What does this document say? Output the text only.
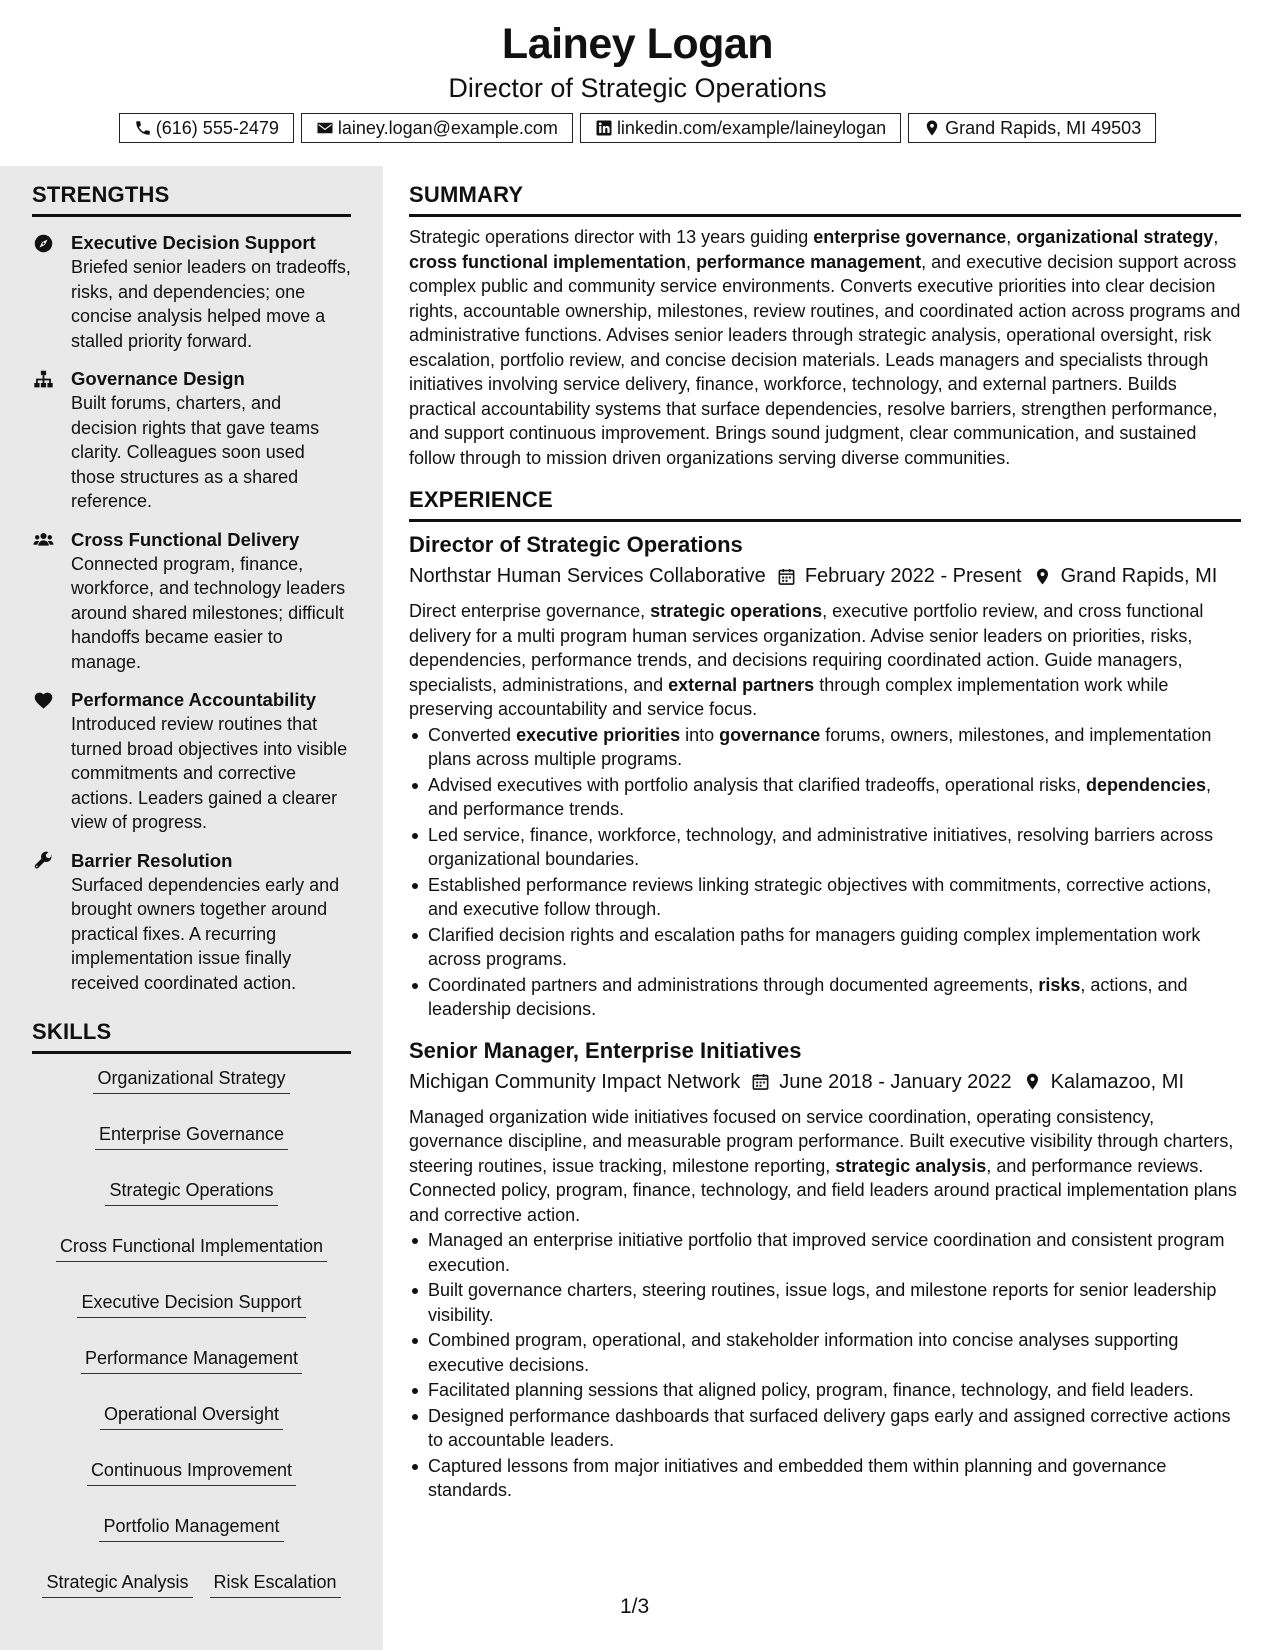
Lainey Logan
Director of Strategic Operations
(616) 555-2479	lainey.logan@example.com	linkedin.com/example/laineylogan	Grand Rapids, MI 49503
STRENGTHS
Executive Decision Support

Briefed senior leaders on tradeoffs, risks, and dependencies; one concise analysis helped move a stalled priority forward.

Governance Design

Built forums, charters, and decision rights that gave teams clarity. Colleagues soon used those structures as a shared reference.

Cross Functional Delivery

Connected program, finance, workforce, and technology leaders around shared milestones; difficult handoffs became easier to manage.

Performance Accountability

Introduced review routines that turned broad objectives into visible commitments and corrective actions. Leaders gained a clearer view of progress.

Barrier Resolution

Surfaced dependencies early and brought owners together around practical fixes. A recurring implementation issue finally received coordinated action.

SKILLS
Organizational Strategy
Enterprise Governance
Strategic Operations
Cross Functional Implementation
Executive Decision Support
Performance Management
Operational Oversight
Continuous Improvement
Portfolio Management
Strategic Analysis Risk Escalation
SUMMARY

Strategic operations director with 13 years guiding enterprise governance, organizational strategy, cross functional implementation, performance management, and executive decision support across complex public and community service environments. Converts executive priorities into clear decision rights, accountable ownership, milestones, review routines, and coordinated action across programs and administrative functions. Advises senior leaders through strategic analysis, operational oversight, risk escalation, portfolio review, and concise decision materials. Leads managers and specialists through initiatives involving service delivery, finance, workforce, technology, and external partners. Builds practical accountability systems that surface dependencies, resolve barriers, strengthen performance, and support continuous improvement. Brings sound judgment, clear communication, and sustained follow through to mission driven organizations serving diverse communities.

EXPERIENCE
Director of Strategic Operations
Northstar Human Services Collaborative February 2022 - Present Grand Rapids, MI

Direct enterprise governance, strategic operations, executive portfolio review, and cross functional delivery for a multi program human services organization. Advise senior leaders on priorities, risks, dependencies, performance trends, and decisions requiring coordinated action. Guide managers, specialists, administrations, and external partners through complex implementation work while preserving accountability and service focus.

Converted executive priorities into governance forums, owners, milestones, and implementation plans across multiple programs.
Advised executives with portfolio analysis that clarified tradeoffs, operational risks, dependencies, and performance trends.
Led service, finance, workforce, technology, and administrative initiatives, resolving barriers across organizational boundaries.
Established performance reviews linking strategic objectives with commitments, corrective actions, and executive follow through.
Clarified decision rights and escalation paths for managers guiding complex implementation work across programs.
Coordinated partners and administrations through documented agreements, risks, actions, and leadership decisions.
Senior Manager, Enterprise Initiatives
Michigan Community Impact Network June 2018 - January 2022 Kalamazoo, MI

Managed organization wide initiatives focused on service coordination, operating consistency, governance discipline, and measurable program performance. Built executive visibility through charters, steering routines, issue tracking, milestone reporting, strategic analysis, and performance reviews. Connected policy, program, finance, technology, and field leaders around practical implementation plans and corrective action.

Managed an enterprise initiative portfolio that improved service coordination and consistent program execution.
Built governance charters, steering routines, issue logs, and milestone reports for senior leadership visibility.
Combined program, operational, and stakeholder information into concise analyses supporting executive decisions.
Facilitated planning sessions that aligned policy, program, finance, technology, and field leaders.
Designed performance dashboards that surfaced delivery gaps early and assigned corrective actions to accountable leaders.
Captured lessons from major initiatives and embedded them within planning and governance standards.
1/3
